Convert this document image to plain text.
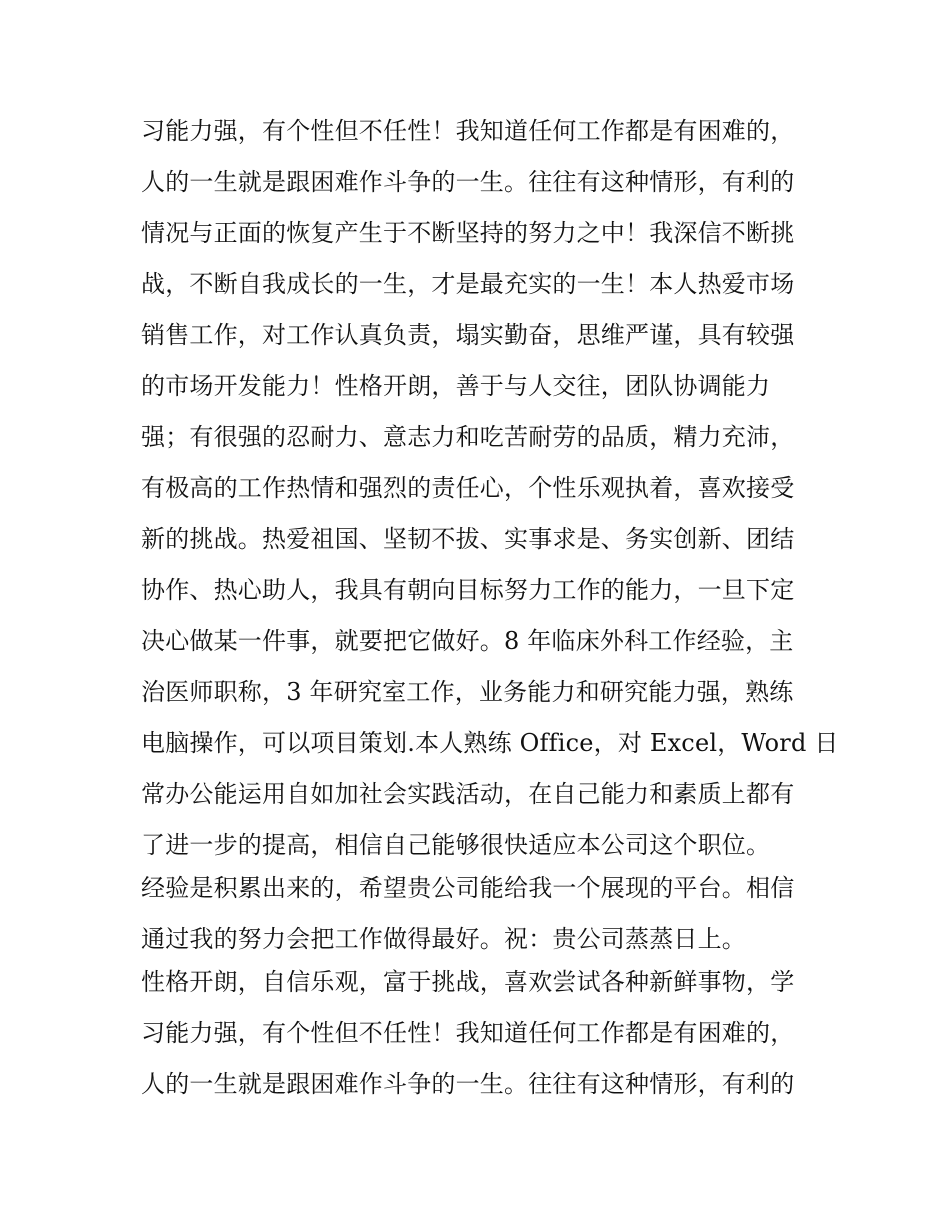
习能力强，有个性但不任性！我知道任何工作都是有困难的，
人的一生就是跟困难作斗争的一生。往往有这种情形，有利的
情况与正面的恢复产生于不断坚持的努力之中！我深信不断挑
战，不断自我成长的一生，才是最充实的一生！本人热爱市场
销售工作，对工作认真负责，塌实勤奋，思维严谨，具有较强
的市场开发能力！性格开朗，善于与人交往，团队协调能力
强；有很强的忍耐力、意志力和吃苦耐劳的品质，精力充沛，
有极高的工作热情和强烈的责任心，个性乐观执着，喜欢接受
新的挑战。热爱祖国、坚韧不拔、实事求是、务实创新、团结
协作、热心助人，我具有朝向目标努力工作的能力，一旦下定
决心做某一件事，就要把它做好。8 年临床外科工作经验，主
治医师职称，3 年研究室工作，业务能力和研究能力强，熟练
电脑操作，可以项目策划.本人熟练 Office，对 Excel，Word 日
常办公能运用自如加社会实践活动，在自己能力和素质上都有
了进一步的提高，相信自己能够很快适应本公司这个职位。
经验是积累出来的，希望贵公司能给我一个展现的平台。相信
通过我的努力会把工作做得最好。祝：贵公司蒸蒸日上。
性格开朗，自信乐观，富于挑战，喜欢尝试各种新鲜事物，学
习能力强，有个性但不任性！我知道任何工作都是有困难的，
人的一生就是跟困难作斗争的一生。往往有这种情形，有利的
